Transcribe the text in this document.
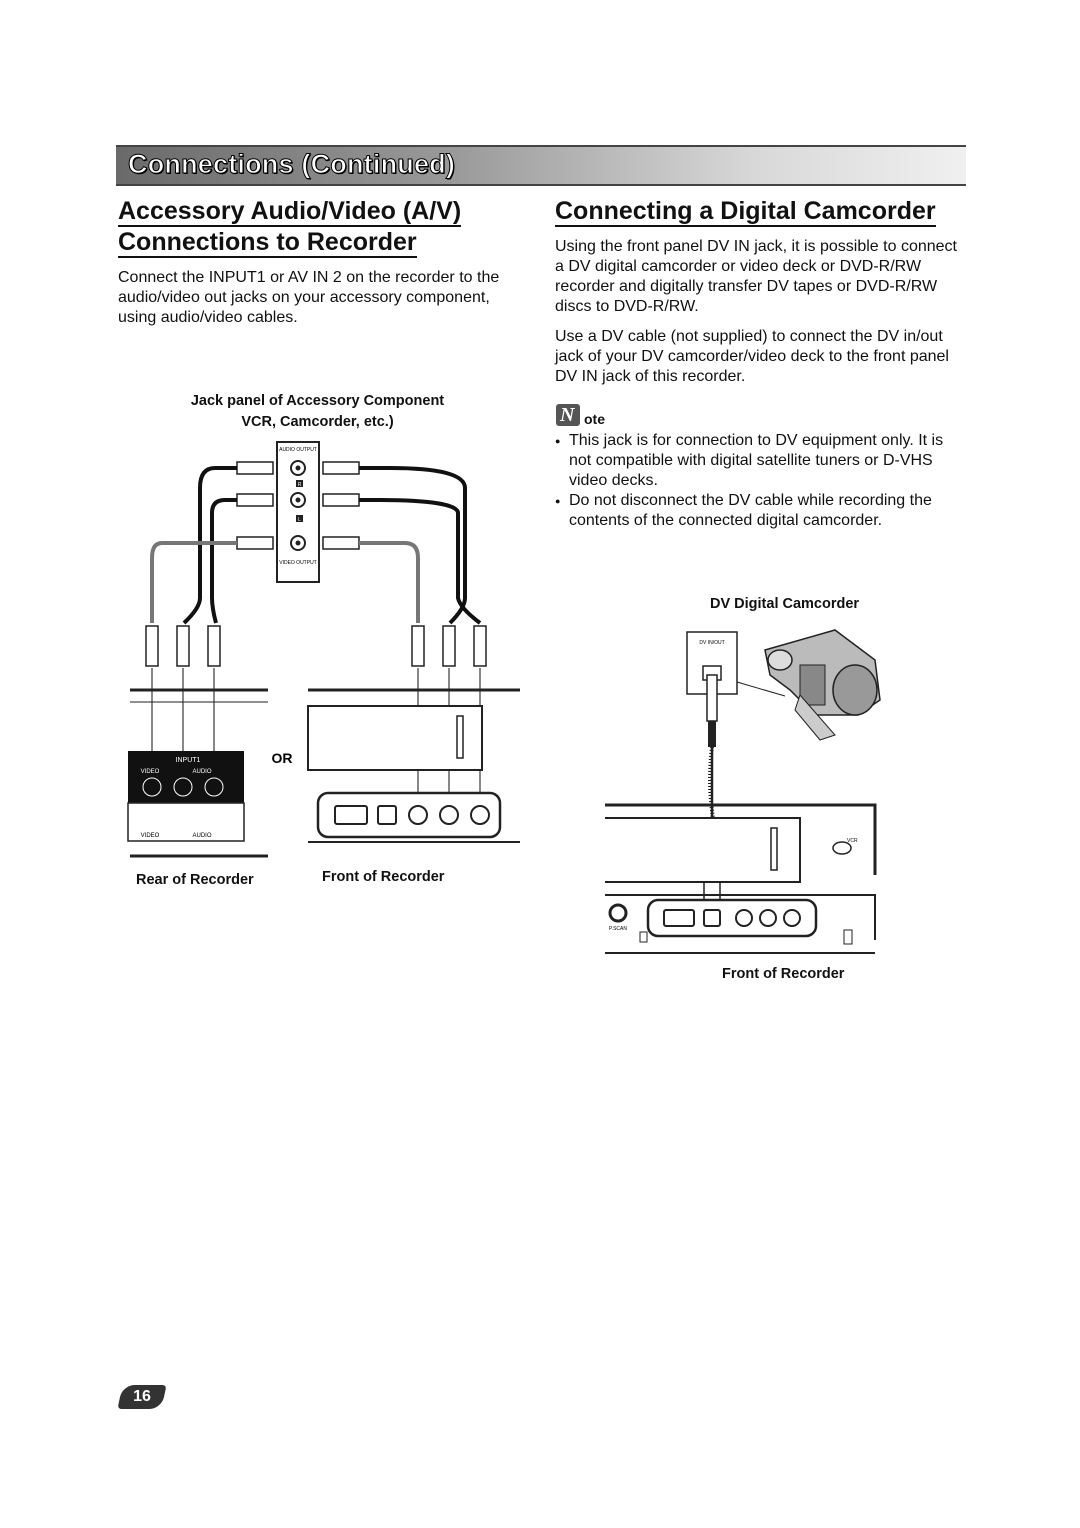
Connections (Continued)

Accessory Audio/Video (A/V)

Connections to Recorder

Connect the INPUT1 or AV IN 2 on the recorder to the audio/video out jacks on your accessory component, using audio/video cables.
Jack panel of Accessory Component
VCR, Camcorder, etc.)
AUDIO OUTPUT
R
L
VIDEO OUTPUT
INPUT1
VIDEO	AUDIO
VIDEO	AUDIO
OR
Rear of Recorder	Front of Recorder
Connecting a Digital Camcorder
Using the front panel DV IN jack, it is possible to connect a DV digital camcorder or video deck or DVD-R/RW recorder and digitally transfer DV tapes or DVD-R/RW discs to DVD-R/RW.
Use a DV cable (not supplied) to connect the DV in/out jack of your DV camcorder/video deck to the front panel DV IN jack of this recorder.
N ote
● This jack is for connection to DV equipment only. It is not compatible with digital satellite tuners or D-VHS video decks.
● Do not disconnect the DV cable while recording the contents of the connected digital camcorder.
DV Digital Camcorder
DV IN/OUT
VCR
P.SCAN
Front of Recorder
16
